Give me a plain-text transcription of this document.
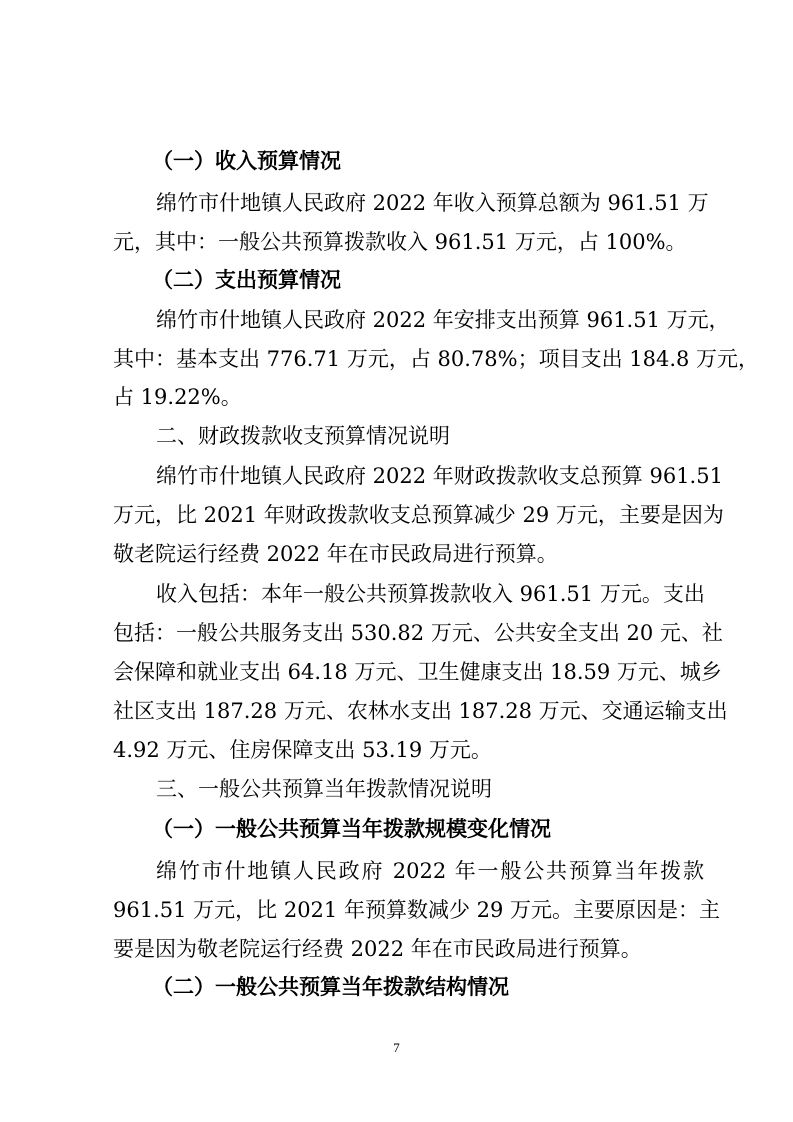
（一）收入预算情况
绵竹市什地镇人民政府 2022 年收入预算总额为 961.51 万
元，其中：一般公共预算拨款收入 961.51 万元，占 100%。
（二）支出预算情况
绵竹市什地镇人民政府 2022 年安排支出预算 961.51 万元，
其中：基本支出 776.71 万元，占 80.78%；项目支出 184.8 万元，
占 19.22%。
二、财政拨款收支预算情况说明
绵竹市什地镇人民政府 2022 年财政拨款收支总预算 961.51
万元，比 2021 年财政拨款收支总预算减少 29 万元，主要是因为
敬老院运行经费 2022 年在市民政局进行预算。
收入包括：本年一般公共预算拨款收入 961.51 万元。支出
包括：一般公共服务支出 530.82 万元、公共安全支出 20 元、社
会保障和就业支出 64.18 万元、卫生健康支出 18.59 万元、城乡
社区支出 187.28 万元、农林水支出 187.28 万元、交通运输支出
4.92 万元、住房保障支出 53.19 万元。
三、一般公共预算当年拨款情况说明
（一）一般公共预算当年拨款规模变化情况
绵竹市什地镇人民政府 2022 年一般公共预算当年拨款
961.51 万元，比 2021 年预算数减少 29 万元。主要原因是：主
要是因为敬老院运行经费 2022 年在市民政局进行预算。
（二）一般公共预算当年拨款结构情况
7
